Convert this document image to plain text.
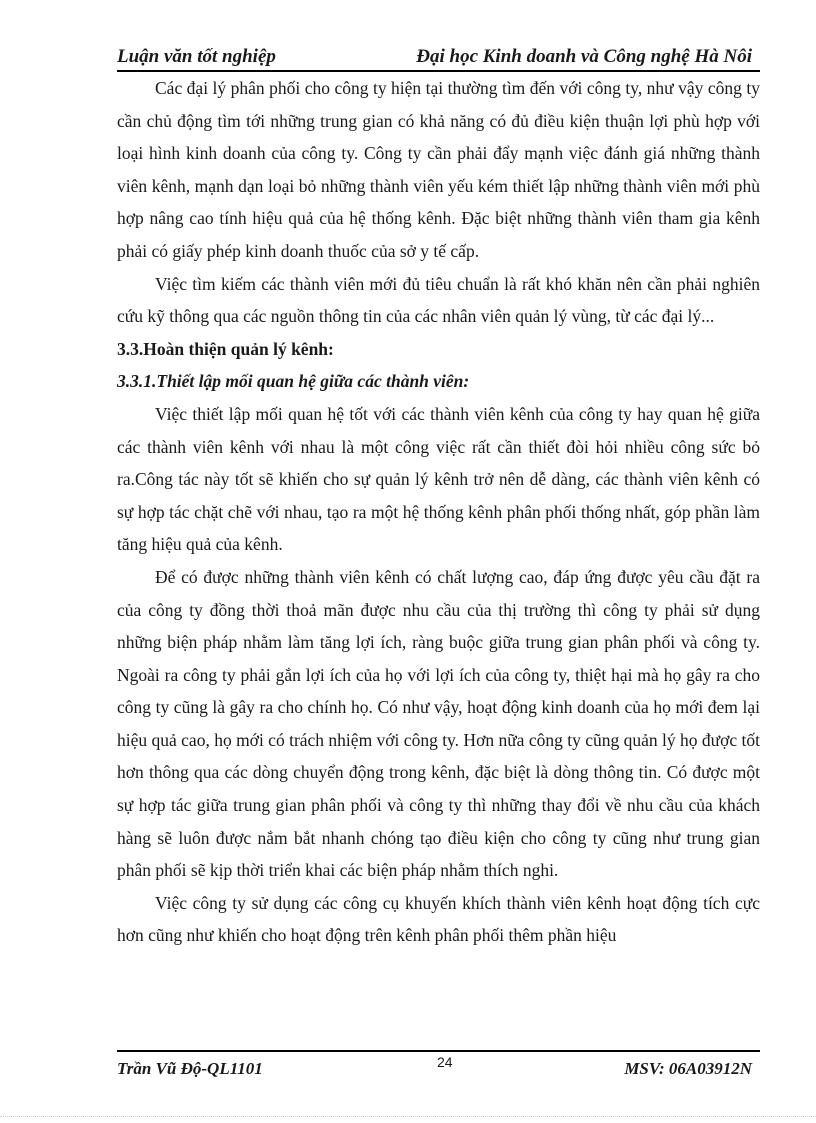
Luận văn tốt nghiệp	Đại học Kinh doanh và Công nghệ Hà Nôi

Các đại lý phân phối cho công ty hiện tại thường tìm đến với công ty, như vậy công ty cần chủ động tìm tới những trung gian có khả năng có đủ điều kiện thuận lợi phù hợp với loại hình kinh doanh của công ty. Công ty cần phải đẩy mạnh việc đánh giá những thành viên kênh, mạnh dạn loại bỏ những thành viên yếu kém thiết lập những thành viên mới phù hợp nâng cao tính hiệu quả của hệ thống kênh. Đặc biệt những thành viên tham gia kênh phải có giấy phép kinh doanh thuốc của sở y tế cấp.

Việc tìm kiếm các thành viên mới đủ tiêu chuẩn là rất khó khăn nên cần phải nghiên cứu kỹ thông qua các nguồn thông tin của các nhân viên quản lý vùng, từ các đại lý...

3.3.Hoàn thiện quản lý kênh:
3.3.1.Thiết lập mối quan hệ giữa các thành viên:

Việc thiết lập mối quan hệ tốt với các thành viên kênh của công ty hay quan hệ giữa các thành viên kênh với nhau là một công việc rất cần thiết đòi hỏi nhiều công sức bỏ ra.Công tác này tốt sẽ khiến cho sự quản lý kênh trở nên dễ dàng, các thành viên kênh có sự hợp tác chặt chẽ với nhau, tạo ra một hệ thống kênh phân phối thống nhất, góp phần làm tăng hiệu quả của kênh.

Để có được những thành viên kênh có chất lượng cao, đáp ứng được yêu cầu đặt ra của công ty đồng thời thoả mãn được nhu cầu của thị trường thì công ty phải sử dụng những biện pháp nhằm làm tăng lợi ích, ràng buộc giữa trung gian phân phối và công ty. Ngoài ra công ty phải gắn lợi ích của họ với lợi ích của công ty, thiệt hại mà họ gây ra cho công ty cũng là gây ra cho chính họ. Có như vậy, hoạt động kinh doanh của họ mới đem lại hiệu quả cao, họ mới có trách nhiệm với công ty. Hơn nữa công ty cũng quản lý họ được tốt hơn thông qua các dòng chuyển động trong kênh, đặc biệt là dòng thông tin. Có được một sự hợp tác giữa trung gian phân phối và công ty thì những thay đổi về nhu cầu của khách hàng sẽ luôn được nắm bắt nhanh chóng tạo điều kiện cho công ty cũng như trung gian phân phối sẽ kịp thời triển khai các biện pháp nhằm thích nghi.

Việc công ty sử dụng các công cụ khuyến khích thành viên kênh hoạt động tích cực hơn cũng như khiến cho hoạt động trên kênh phân phối thêm phần hiệu

Trần Vũ Độ-QL1101	24	MSV: 06A03912N
